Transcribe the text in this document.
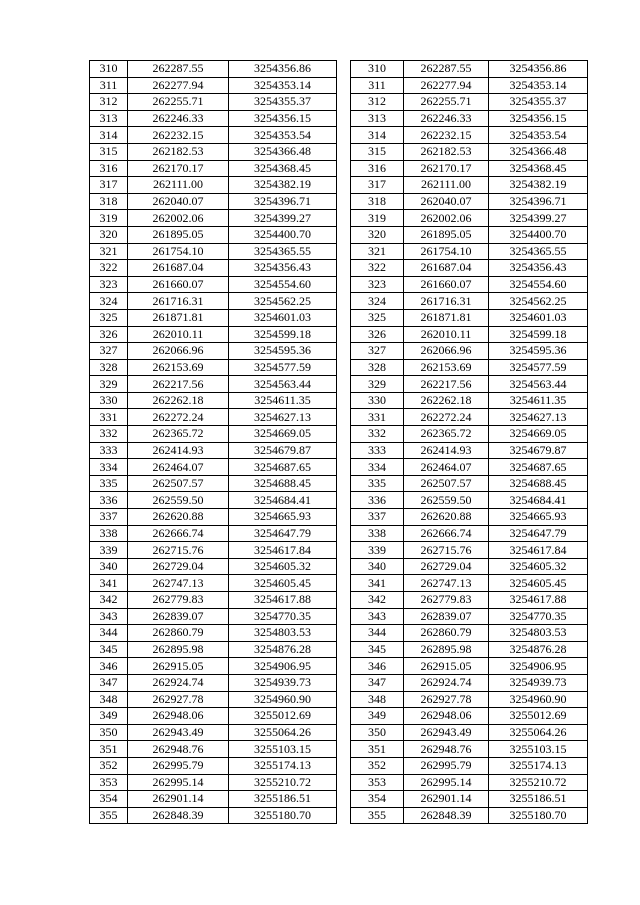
310	262287.55	3254356.86
311	262277.94	3254353.14
312	262255.71	3254355.37
313	262246.33	3254356.15
314	262232.15	3254353.54
315	262182.53	3254366.48
316	262170.17	3254368.45
317	262111.00	3254382.19
318	262040.07	3254396.71
319	262002.06	3254399.27
320	261895.05	3254400.70
321	261754.10	3254365.55
322	261687.04	3254356.43
323	261660.07	3254554.60
324	261716.31	3254562.25
325	261871.81	3254601.03
326	262010.11	3254599.18
327	262066.96	3254595.36
328	262153.69	3254577.59
329	262217.56	3254563.44
330	262262.18	3254611.35
331	262272.24	3254627.13
332	262365.72	3254669.05
333	262414.93	3254679.87
334	262464.07	3254687.65
335	262507.57	3254688.45
336	262559.50	3254684.41
337	262620.88	3254665.93
338	262666.74	3254647.79
339	262715.76	3254617.84
340	262729.04	3254605.32
341	262747.13	3254605.45
342	262779.83	3254617.88
343	262839.07	3254770.35
344	262860.79	3254803.53
345	262895.98	3254876.28
346	262915.05	3254906.95
347	262924.74	3254939.73
348	262927.78	3254960.90
349	262948.06	3255012.69
350	262943.49	3255064.26
351	262948.76	3255103.15
352	262995.79	3255174.13
353	262995.14	3255210.72
354	262901.14	3255186.51
355	262848.39	3255180.70
310	262287.55	3254356.86
311	262277.94	3254353.14
312	262255.71	3254355.37
313	262246.33	3254356.15
314	262232.15	3254353.54
315	262182.53	3254366.48
316	262170.17	3254368.45
317	262111.00	3254382.19
318	262040.07	3254396.71
319	262002.06	3254399.27
320	261895.05	3254400.70
321	261754.10	3254365.55
322	261687.04	3254356.43
323	261660.07	3254554.60
324	261716.31	3254562.25
325	261871.81	3254601.03
326	262010.11	3254599.18
327	262066.96	3254595.36
328	262153.69	3254577.59
329	262217.56	3254563.44
330	262262.18	3254611.35
331	262272.24	3254627.13
332	262365.72	3254669.05
333	262414.93	3254679.87
334	262464.07	3254687.65
335	262507.57	3254688.45
336	262559.50	3254684.41
337	262620.88	3254665.93
338	262666.74	3254647.79
339	262715.76	3254617.84
340	262729.04	3254605.32
341	262747.13	3254605.45
342	262779.83	3254617.88
343	262839.07	3254770.35
344	262860.79	3254803.53
345	262895.98	3254876.28
346	262915.05	3254906.95
347	262924.74	3254939.73
348	262927.78	3254960.90
349	262948.06	3255012.69
350	262943.49	3255064.26
351	262948.76	3255103.15
352	262995.79	3255174.13
353	262995.14	3255210.72
354	262901.14	3255186.51
355	262848.39	3255180.70
